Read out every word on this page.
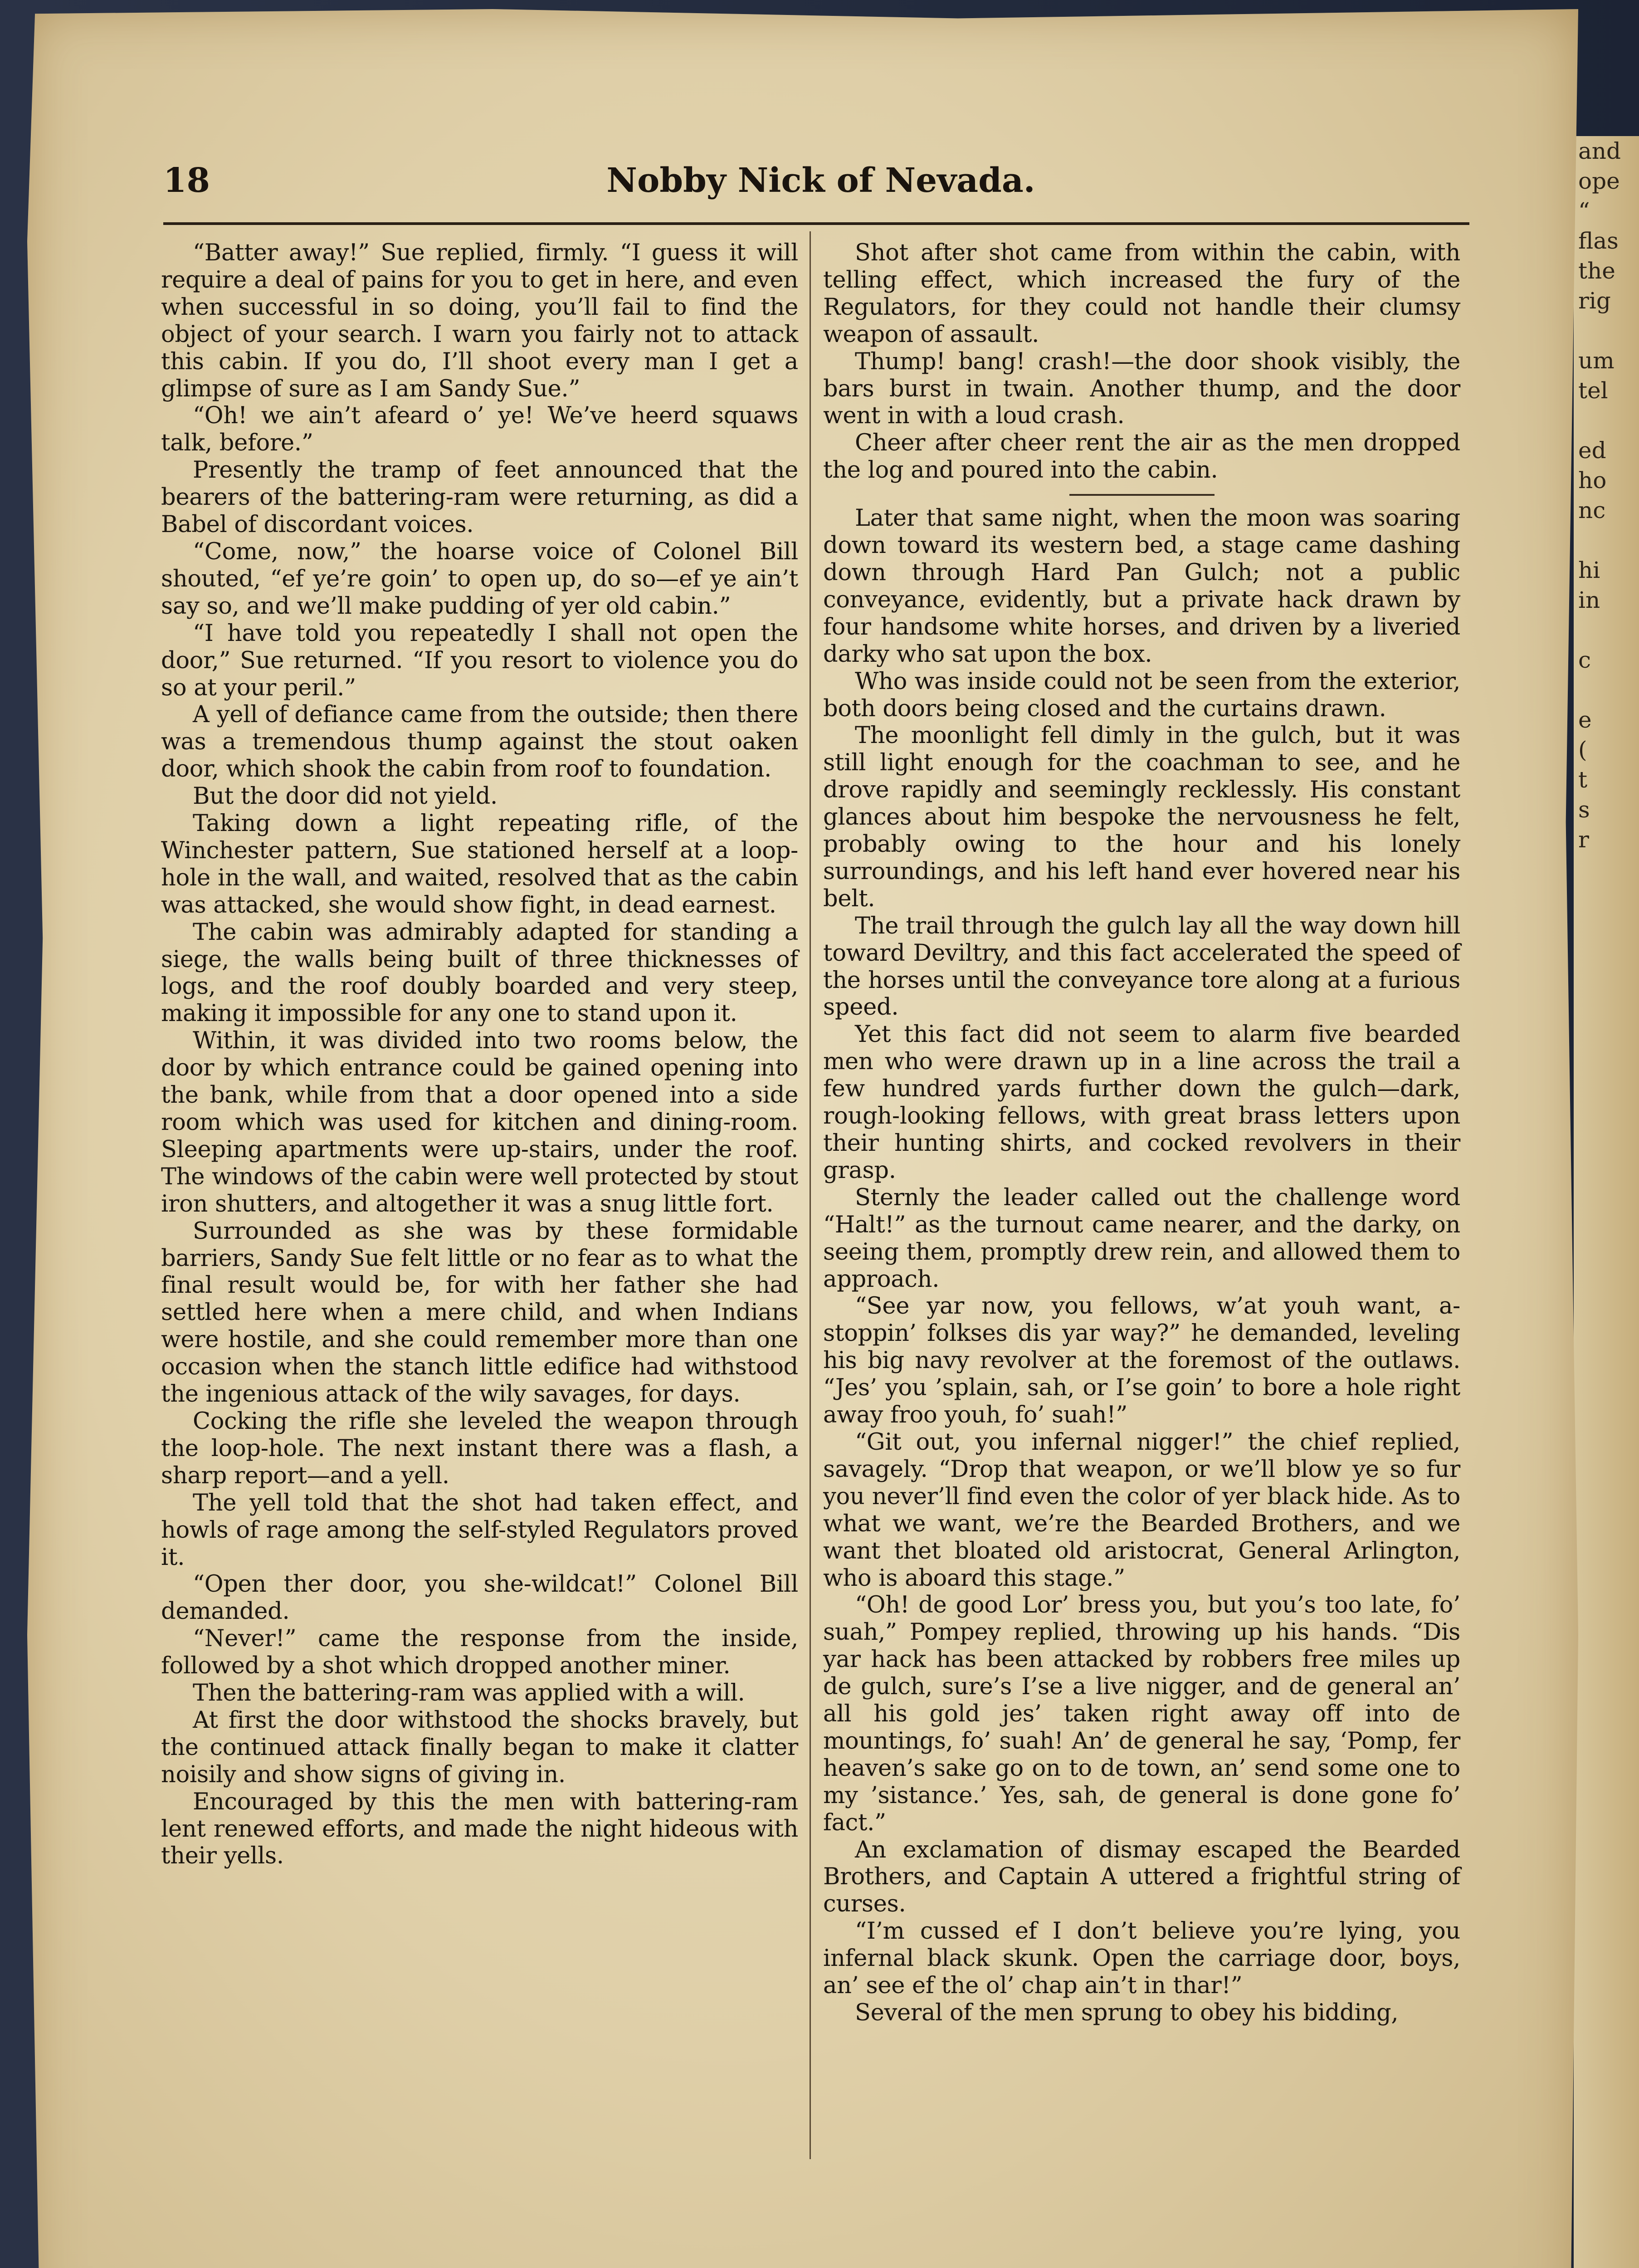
and
ope
“
flas
the
rig

um
tel

ed
ho
nc

hi
in

c

e
(
t
s
r
18	Nobby Nick of Nevada.

“Batter away!” Sue replied, firmly. “I guess it will require a deal of pains for you to get in here, and even when successful in so doing, you’ll fail to find the object of your search. I warn you fairly not to attack this cabin. If you do, I’ll shoot every man I get a glimpse of sure as I am Sandy Sue.”

“Oh! we ain’t afeard o’ ye! We’ve heerd squaws talk, before.”

Presently the tramp of feet announced that the bearers of the battering-ram were returning, as did a Babel of discordant voices.

“Come, now,” the hoarse voice of Colonel Bill shouted, “ef ye’re goin’ to open up, do so—ef ye ain’t say so, and we’ll make pudding of yer old cabin.”

“I have told you repeatedly I shall not open the door,” Sue returned. “If you resort to violence you do so at your peril.”

A yell of defiance came from the outside; then there was a tremendous thump against the stout oaken door, which shook the cabin from roof to foundation.

But the door did not yield.

Taking down a light repeating rifle, of the Winchester pattern, Sue stationed herself at a loop-hole in the wall, and waited, resolved that as the cabin was attacked, she would show fight, in dead earnest.

The cabin was admirably adapted for standing a siege, the walls being built of three thicknesses of logs, and the roof doubly boarded and very steep, making it impossible for any one to stand upon it.

Within, it was divided into two rooms below, the door by which entrance could be gained opening into the bank, while from that a door opened into a side room which was used for kitchen and dining-room. Sleeping apartments were up-stairs, under the roof. The windows of the cabin were well protected by stout iron shutters, and altogether it was a snug little fort.

Surrounded as she was by these formidable barriers, Sandy Sue felt little or no fear as to what the final result would be, for with her father she had settled here when a mere child, and when Indians were hostile, and she could remember more than one occasion when the stanch little edifice had withstood the ingenious attack of the wily savages, for days.

Cocking the rifle she leveled the weapon through the loop-hole. The next instant there was a flash, a sharp report—and a yell.

The yell told that the shot had taken effect, and howls of rage among the self-styled Regulators proved it.

“Open ther door, you she-wildcat!” Colonel Bill demanded.

“Never!” came the response from the inside, followed by a shot which dropped another miner.

Then the battering-ram was applied with a will.

At first the door withstood the shocks bravely, but the continued attack finally began to make it clatter noisily and show signs of giving in.

Encouraged by this the men with battering-ram lent renewed efforts, and made the night hideous with their yells.

Shot after shot came from within the cabin, with telling effect, which increased the fury of the Regulators, for they could not handle their clumsy weapon of assault.

Thump! bang! crash!—the door shook visibly, the bars burst in twain. Another thump, and the door went in with a loud crash.

Cheer after cheer rent the air as the men dropped the log and poured into the cabin.

Later that same night, when the moon was soaring down toward its western bed, a stage came dashing down through Hard Pan Gulch; not a public conveyance, evidently, but a private hack drawn by four handsome white horses, and driven by a liveried darky who sat upon the box.

Who was inside could not be seen from the exterior, both doors being closed and the curtains drawn.

The moonlight fell dimly in the gulch, but it was still light enough for the coachman to see, and he drove rapidly and seemingly recklessly. His constant glances about him bespoke the nervousness he felt, probably owing to the hour and his lonely surroundings, and his left hand ever hovered near his belt.

The trail through the gulch lay all the way down hill toward Deviltry, and this fact accelerated the speed of the horses until the conveyance tore along at a furious speed.

Yet this fact did not seem to alarm five bearded men who were drawn up in a line across the trail a few hundred yards further down the gulch—dark, rough-looking fellows, with great brass letters upon their hunting shirts, and cocked revolvers in their grasp.

Sternly the leader called out the challenge word “Halt!” as the turnout came nearer, and the darky, on seeing them, promptly drew rein, and allowed them to approach.

“See yar now, you fellows, w’at youh want, a-stoppin’ folkses dis yar way?” he demanded, leveling his big navy revolver at the foremost of the outlaws. “Jes’ you ’splain, sah, or I’se goin’ to bore a hole right away froo youh, fo’ suah!”

“Git out, you infernal nigger!” the chief replied, savagely. “Drop that weapon, or we’ll blow ye so fur you never’ll find even the color of yer black hide. As to what we want, we’re the Bearded Brothers, and we want thet bloated old aristocrat, General Arlington, who is aboard this stage.”

“Oh! de good Lor’ bress you, but you’s too late, fo’ suah,” Pompey replied, throwing up his hands. “Dis yar hack has been attacked by robbers free miles up de gulch, sure’s I’se a live nigger, and de general an’ all his gold jes’ taken right away off into de mountings, fo’ suah! An’ de general he say, ‘Pomp, fer heaven’s sake go on to de town, an’ send some one to my ’sistance.’ Yes, sah, de general is done gone fo’ fact.”

An exclamation of dismay escaped the Bearded Brothers, and Captain A uttered a frightful string of curses.

“I’m cussed ef I don’t believe you’re lying, you infernal black skunk. Open the carriage door, boys, an’ see ef the ol’ chap ain’t in thar!”

Several of the men sprung to obey his bidding,
